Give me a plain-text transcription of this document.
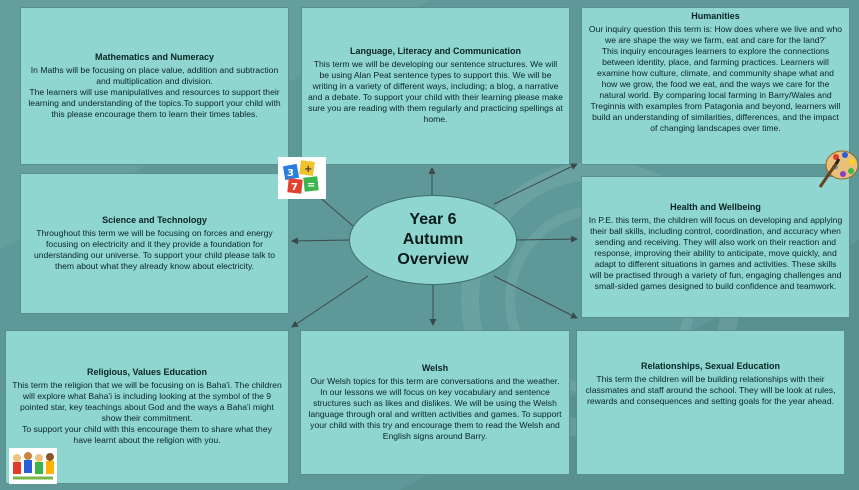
Mathematics and Numeracy

In Maths will be focusing on place value, addition and subtraction and multiplication and division.
The learners will use manipulatives and resources to support their learning and understanding of the topics.To support your child with this please encourage them to learn their times tables.

Language, Literacy and Communication

This term we will be developing our sentence structures. We will be using Alan Peat sentence types to support this. We will be writing in a variety of different ways, including; a blog, a narrative and a debate. To support your child with their learning please make sure you are reading with them regularly and practicing spellings at home.

Humanities

Our inquiry question this term is: How does where we live and who we are shape the way we farm, eat and care for the land?'
This inquiry encourages learners to explore the connections between identity, place, and farming practices. Learners will examine how culture, climate, and community shape what and how we grow, the food we eat, and the ways we care for the natural world. By comparing local farming in Barry/Wales and Treginnis with examples from Patagonia and beyond, learners will build an understanding of similarities, differences, and the impact of changing landscapes over time.

Science and Technology

Throughout this term we will be focusing on forces and energy focusing on electricity and it they provide a foundation for understanding our universe. To support your child please talk to them about what they already know about electricity.

Health and Wellbeing

In P.E. this term, the children will focus on developing and applying their ball skills, including control, coordination, and accuracy when sending and receiving. They will also work on their reaction and response, improving their ability to anticipate, move quickly, and adapt to different situations in games and activities. These skills will be practised through a variety of fun, engaging challenges and small-sided games designed to build confidence and teamwork.

Religious, Values Education

This term the religion that we will be focusing on is Baha'i. The children will explore what Baha'i is including looking at the symbol of the 9 pointed star, key teachings about God and the ways a Baha'i might show their commitment.
To support your child with this encourage them to share what they have learnt about the religion with you.

Welsh

Our Welsh topics for this term are conversations and the weather. In our lessons we will focus on key vocabulary and sentence structures such as likes and dislikes. We will be using the Welsh language through oral and written activities and games. To support your child with this try and encourage them to read the Welsh and English signs around Barry.

Relationships, Sexual Education

This term the children will be building relationships with their classmates and staff around the school. They will be look at rules, rewards and consequences and setting goals for the year ahead.

Year 6
Autumn
Overview
3 +
7 =
